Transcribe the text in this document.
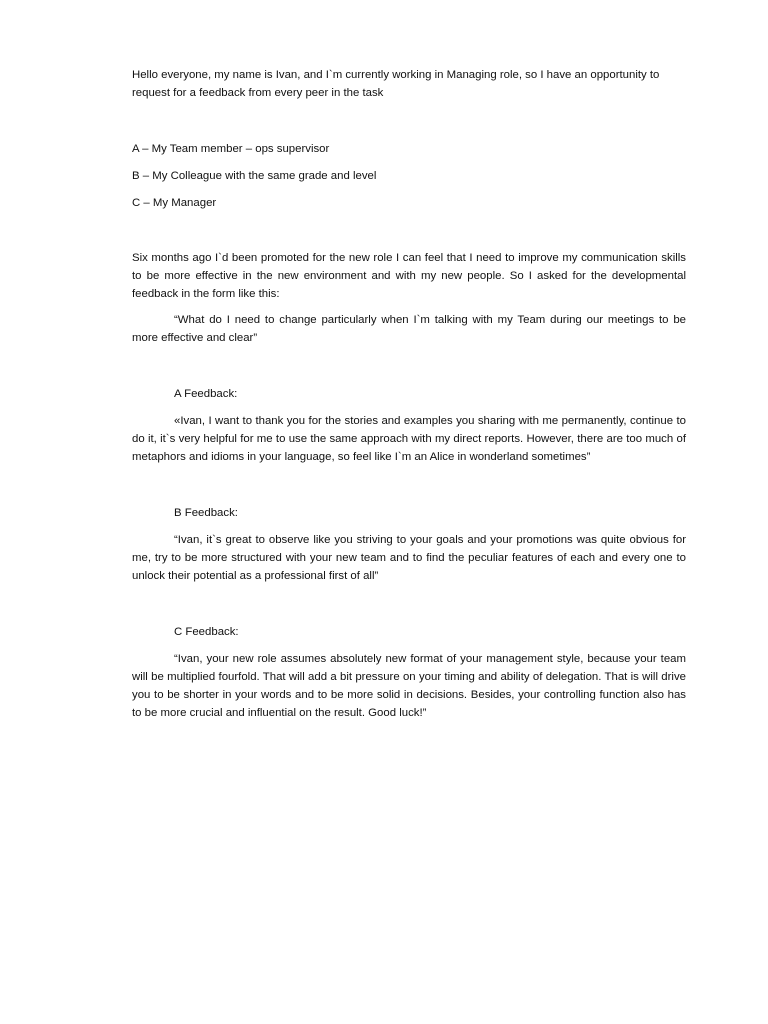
Hello everyone, my name is Ivan, and I`m currently working in Managing role, so I have an opportunity to request for a feedback from every peer in the task

A – My Team member – ops supervisor

B – My Colleague with the same grade and level

C – My Manager

Six months ago I`d been promoted for the new role I can feel that I need to improve my communication skills to be more effective in the new environment and with my new people. So I asked for the developmental feedback in the form like this:

“What do I need to change particularly when I`m talking with my Team during our meetings to be more effective and clear”

A Feedback:

«Ivan, I want to thank you for the stories and examples you sharing with me permanently, continue to do it, it`s very helpful for me to use the same approach with my direct reports. However, there are too much of metaphors and idioms in your language, so feel like I`m an Alice in wonderland sometimes”

B Feedback:

“Ivan, it`s great to observe like you striving to your goals and your promotions was quite obvious for me, try to be more structured with your new team and to find the peculiar features of each and every one to unlock their potential as a professional first of all”

C Feedback:

“Ivan, your new role assumes absolutely new format of your management style, because your team will be multiplied fourfold. That will add a bit pressure on your timing and ability of delegation. That is will drive you to be shorter in your words and to be more solid in decisions. Besides, your controlling function also has to be more crucial and influential on the result. Good luck!”
